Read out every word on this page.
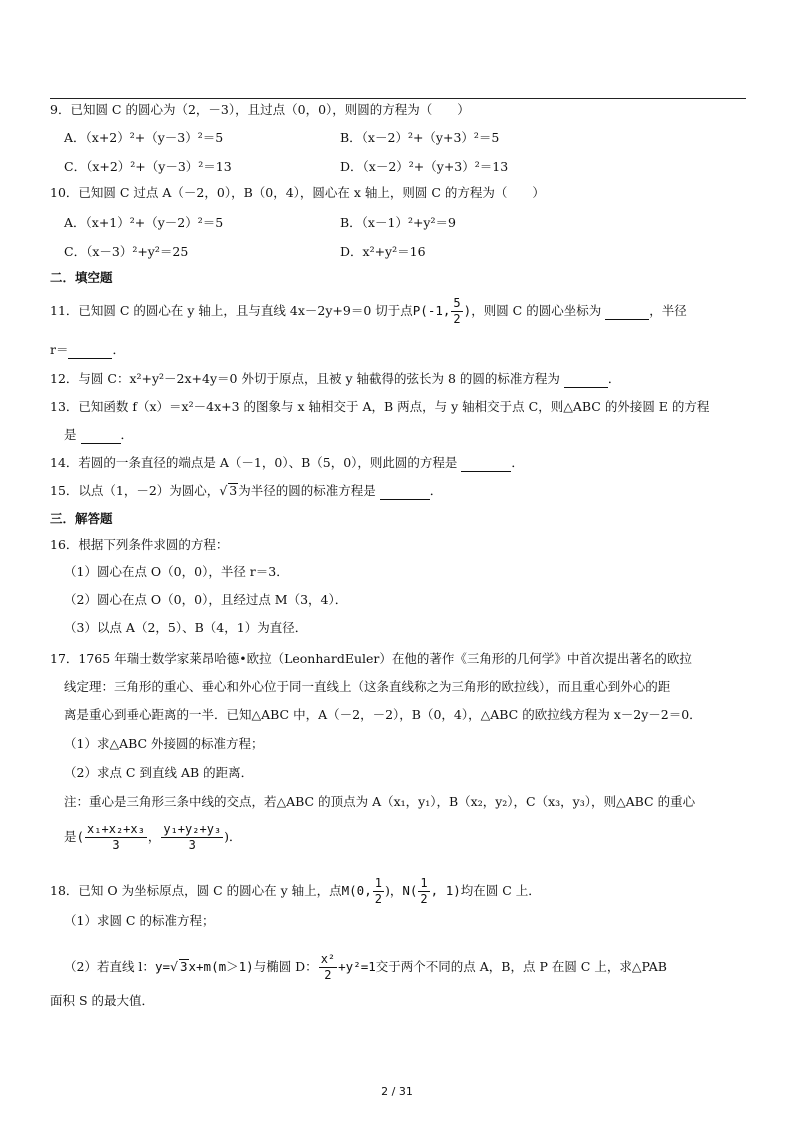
9．已知圆 C 的圆心为（2，－3），且过点（0，0），则圆的方程为（　　）
A．（x+2）²+（y－3）²＝5	B．（x－2）²+（y+3）²＝5
C．（x+2）²+（y－3）²＝13	D．（x－2）²+（y+3）²＝13
10．已知圆 C 过点 A（－2，0），B（0，4），圆心在 x 轴上，则圆 C 的方程为（　　）
A．（x+1）²+（y－2）²＝5	B．（x－1）²+y²＝9
C．（x－3）²+y²＝25	D．x²+y²＝16
二．填空题
11．已知圆 C 的圆心在 y 轴上，且与直线 4x－2y+9＝0 切于点P(-1, $\frac{5}{2}$ )，则圆 C 的圆心坐标为	，半径
r＝	．
12．与圆 C：x²+y²－2x+4y＝0 外切于原点，且被 y 轴截得的弦长为 8 的圆的标准方程为	．
13．已知函数 f（x）＝x²－4x+3 的图象与 x 轴相交于 A，B 两点，与 y 轴相交于点 C，则△ABC 的外接圆 E 的方程
是	．
14．若圆的一条直径的端点是 A（－1，0）、B（5，0），则此圆的方程是	．
15．以点（1，－2）为圆心，√ 3为半径的圆的标准方程是	．
三．解答题
16．根据下列条件求圆的方程：
（1）圆心在点 O（0，0），半径 r＝3．
（2）圆心在点 O（0，0），且经过点 M（3，4）．
（3）以点 A（2，5）、B（4，1）为直径．
17．1765 年瑞士数学家莱昂哈德•欧拉（LeonhardEuler）在他的著作《三角形的几何学》中首次提出著名的欧拉
线定理：三角形的重心、垂心和外心位于同一直线上（这条直线称之为三角形的欧拉线），而且重心到外心的距
离是重心到垂心距离的一半．已知△ABC 中，A（－2，－2），B（0，4），△ABC 的欧拉线方程为 x－2y－2＝0．
（1）求△ABC 外接圆的标准方程；
（2）求点 C 到直线 AB 的距离．
注：重心是三角形三条中线的交点，若△ABC 的顶点为 A（x₁，y₁），B（x₂，y₂），C（x₃，y₃），则△ABC 的重心
是( $\frac{\text{x₁+x₂+x₃}}{3}$ ， $\frac{\text{y₁+y₂+y₃}}{3}$ )．
18．已知 O 为坐标原点，圆 C 的圆心在 y 轴上，点M(0, $\frac{1}{2}$ )，$N( \frac{1}{2}$ , 1)均在圆 C 上．
（1）求圆 C 的标准方程；
（2）若直线 l：y=√ 3x+m(m＞1)与椭圆 D： $\frac{\text{x²}}{2} +y^2=1$交于两个不同的点 A，B，点 P 在圆 C 上，求△PAB
面积 S 的最大值．
2 / 31
